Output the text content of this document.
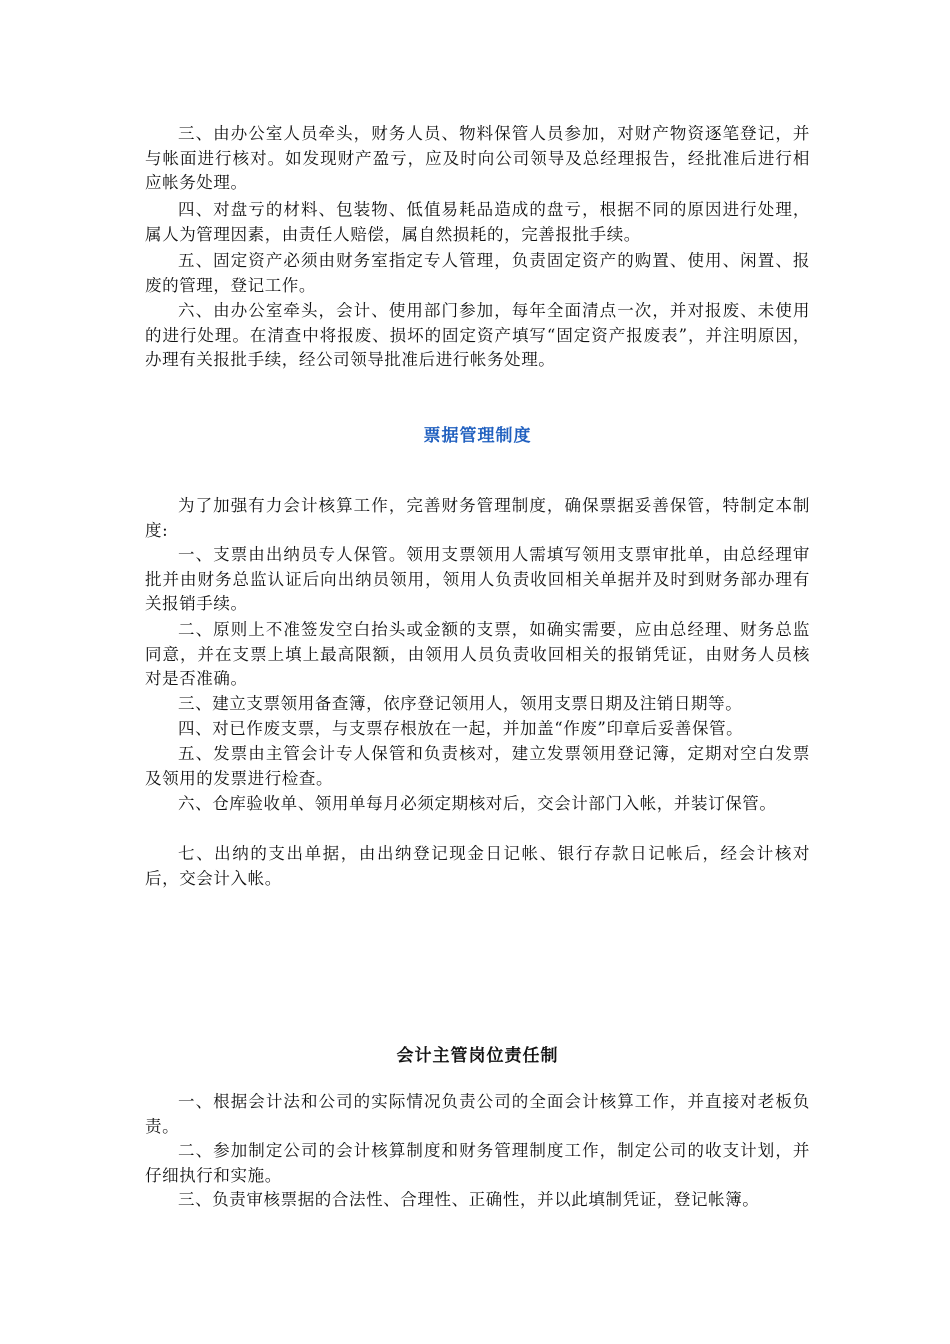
三、由办公室人员牵头，财务人员、物料保管人员参加，对财产物资逐笔登记，并与帐面进行核对。如发现财产盈亏，应及时向公司领导及总经理报告，经批准后进行相应帐务处理。

四、对盘亏的材料、包装物、低值易耗品造成的盘亏，根据不同的原因进行处理，属人为管理因素，由责任人赔偿，属自然损耗的，完善报批手续。

五、固定资产必须由财务室指定专人管理，负责固定资产的购置、使用、闲置、报废的管理，登记工作。

六、由办公室牵头，会计、使用部门参加，每年全面清点一次，并对报废、未使用的进行处理。在清查中将报废、损坏的固定资产填写“固定资产报废表”，并注明原因，办理有关报批手续，经公司领导批准后进行帐务处理。

票据管理制度

为了加强有力会计核算工作，完善财务管理制度，确保票据妥善保管，特制定本制度:

一、支票由出纳员专人保管。领用支票领用人需填写领用支票审批单，由总经理审批并由财务总监认证后向出纳员领用，领用人负责收回相关单据并及时到财务部办理有关报销手续。

二、原则上不准签发空白抬头或金额的支票，如确实需要，应由总经理、财务总监同意，并在支票上填上最高限额，由领用人员负责收回相关的报销凭证，由财务人员核对是否准确。

三、建立支票领用备查簿，依序登记领用人，领用支票日期及注销日期等。

四、对已作废支票，与支票存根放在一起，并加盖“作废”印章后妥善保管。

五、发票由主管会计专人保管和负责核对，建立发票领用登记簿，定期对空白发票及领用的发票进行检查。

六、仓库验收单、领用单每月必须定期核对后，交会计部门入帐，并装订保管。

七、出纳的支出单据，由出纳登记现金日记帐、银行存款日记帐后，经会计核对后，交会计入帐。

会计主管岗位责任制

一、根据会计法和公司的实际情况负责公司的全面会计核算工作，并直接对老板负责。

二、参加制定公司的会计核算制度和财务管理制度工作，制定公司的收支计划，并仔细执行和实施。

三、负责审核票据的合法性、合理性、正确性，并以此填制凭证，登记帐簿。
